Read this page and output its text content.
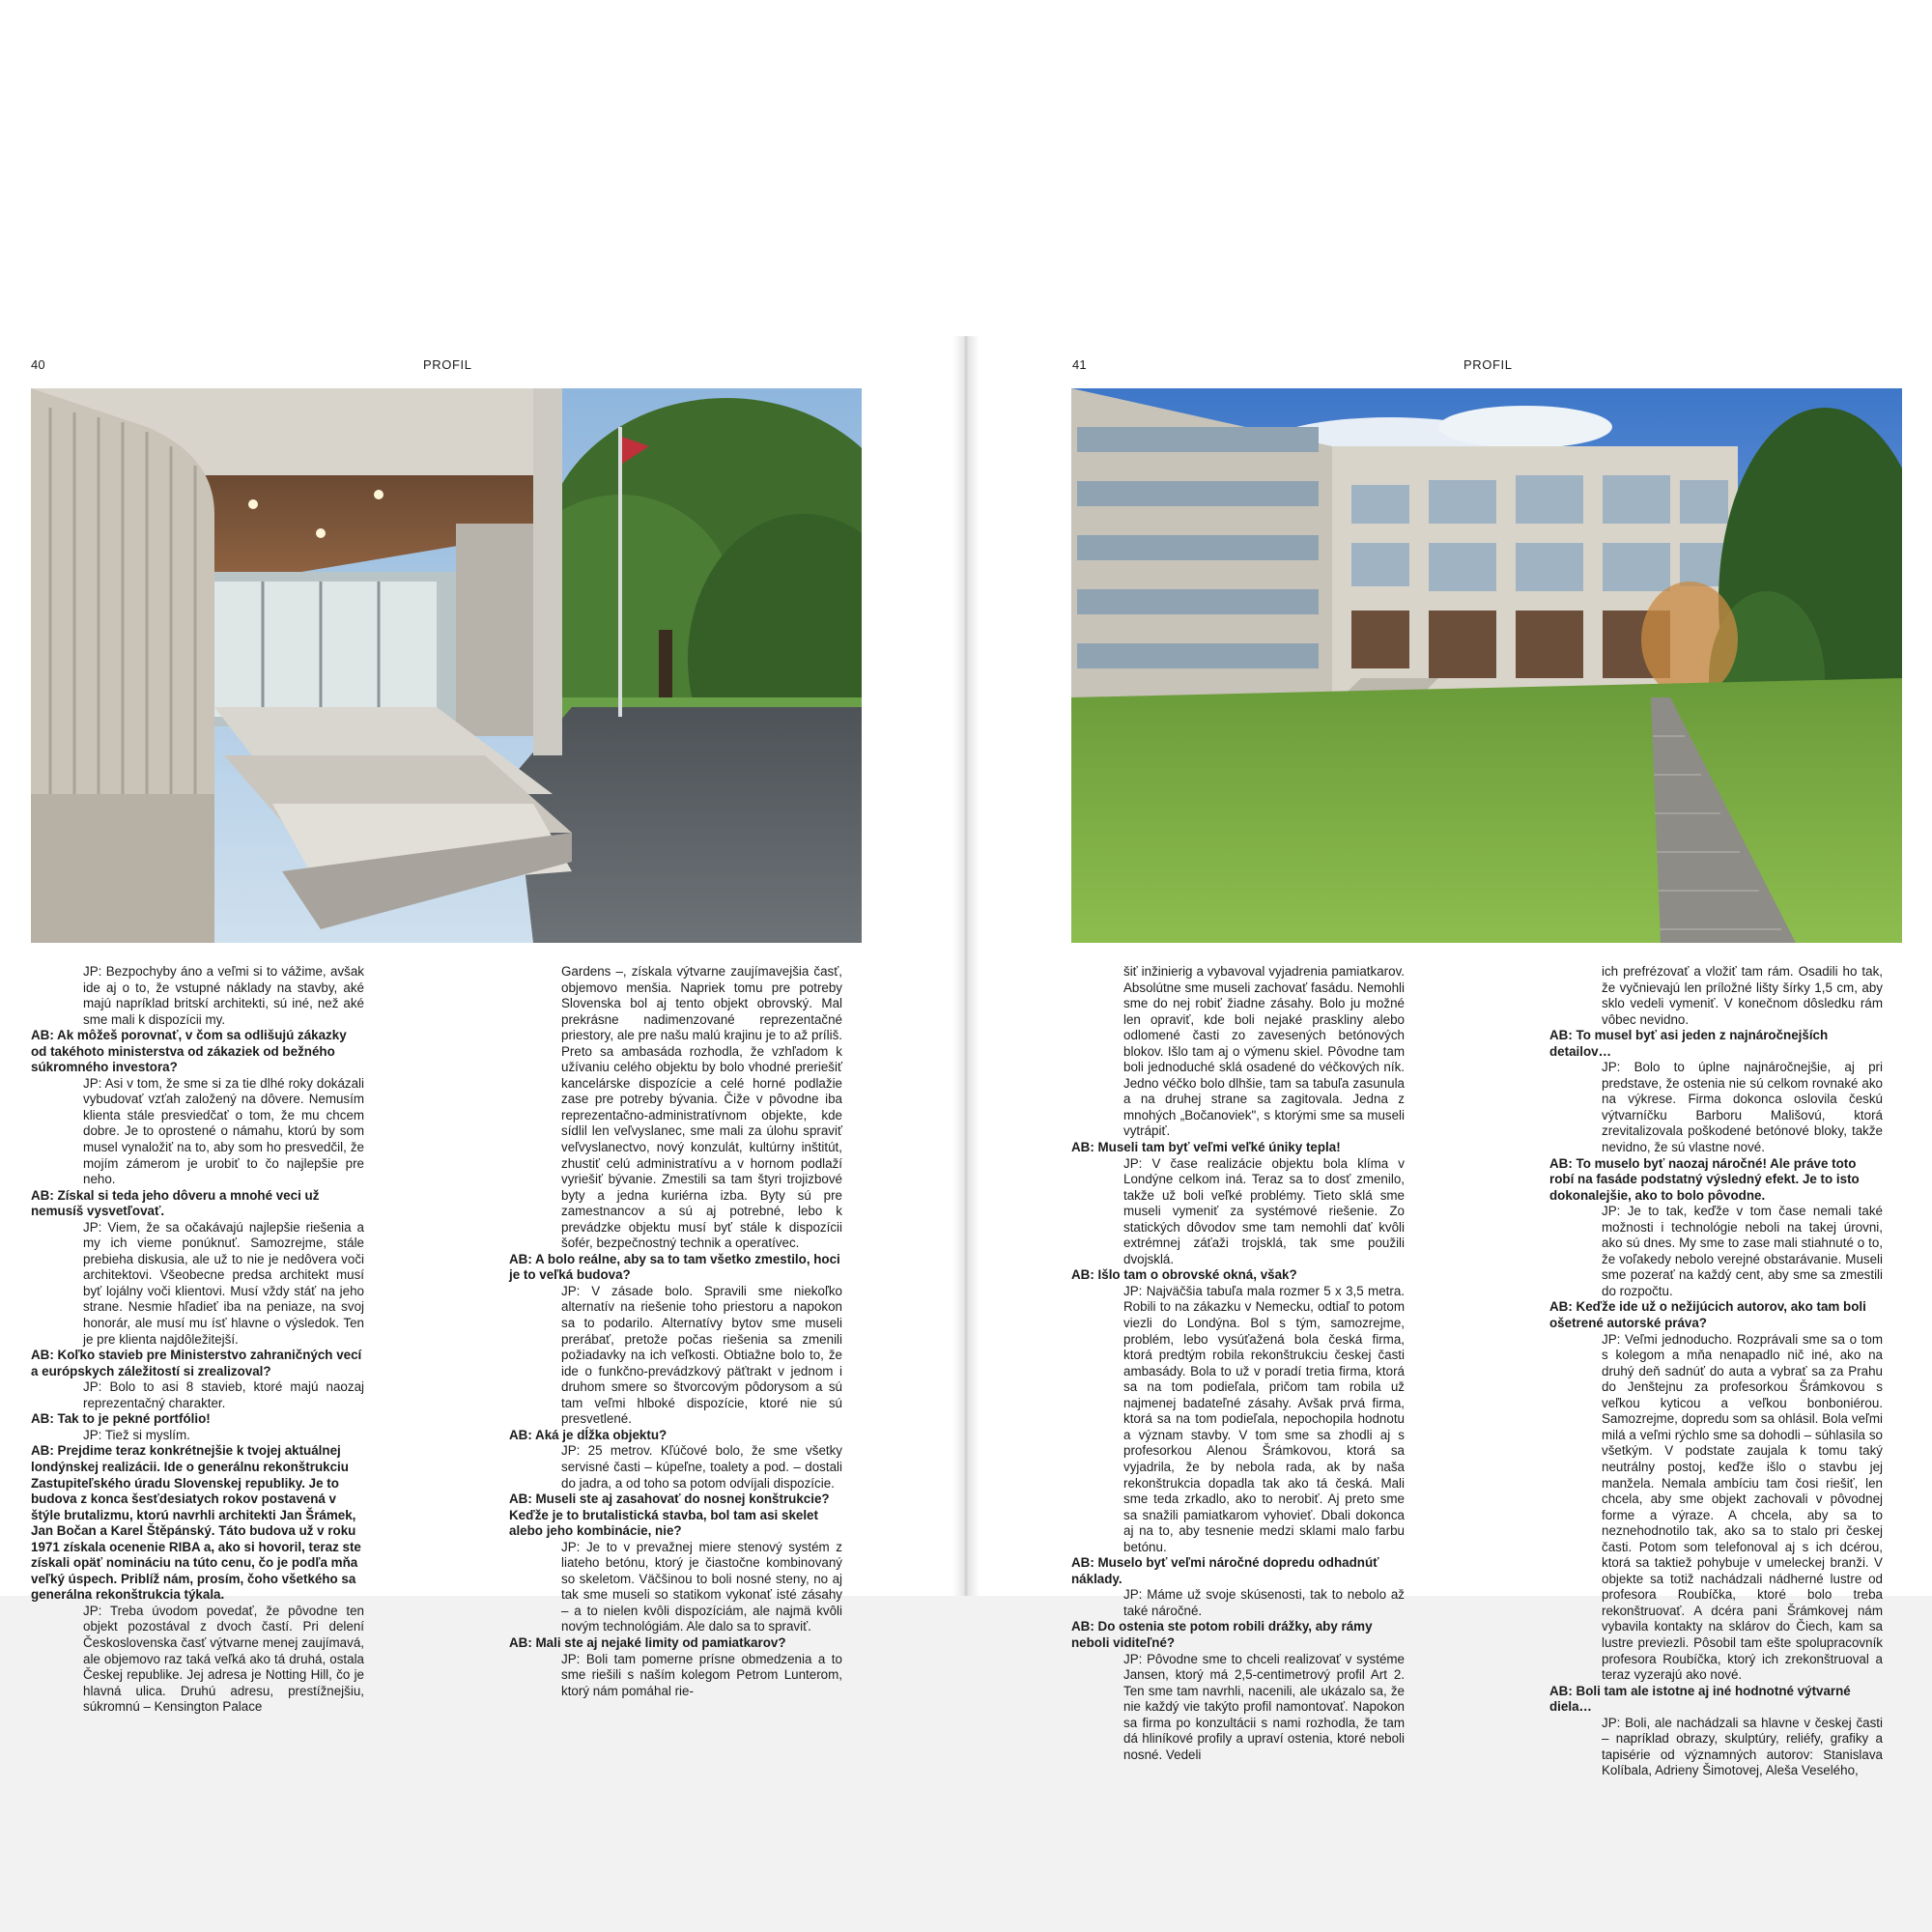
40	PROFIL

JP: Bezpochyby áno a veľmi si to vážime, avšak ide aj o to, že vstupné náklady na stavby, aké majú napríklad britskí architekti, sú iné, než aké sme mali k dispozícii my.

AB: Ak môžeš porovnať, v čom sa odlišujú zákazky od takéhoto ministerstva od zákaziek od bežného súkromného investora?

JP: Asi v tom, že sme si za tie dlhé roky dokázali vybudovať vzťah založený na dôvere. Nemusím klienta stále presviedčať o tom, že mu chcem dobre. Je to oprostené o námahu, ktorú by som musel vynaložiť na to, aby som ho presvedčil, že mojím zámerom je urobiť to čo najlepšie pre neho.

AB: Získal si teda jeho dôveru a mnohé veci už nemusíš vysvetľovať.

JP: Viem, že sa očakávajú najlepšie riešenia a my ich vieme ponúknuť. Samozrejme, stále prebieha diskusia, ale už to nie je nedôvera voči architektovi. Všeobecne predsa architekt musí byť lojálny voči klientovi. Musí vždy stáť na jeho strane. Nesmie hľadieť iba na peniaze, na svoj honorár, ale musí mu ísť hlavne o výsledok. Ten je pre klienta najdôležitejší.

AB: Koľko stavieb pre Ministerstvo zahraničných vecí a európskych záležitostí si zrealizoval?

JP: Bolo to asi 8 stavieb, ktoré majú naozaj reprezentačný charakter.

AB: Tak to je pekné portfólio!

JP: Tiež si myslím.

AB: Prejdime teraz konkrétnejšie k tvojej aktuálnej londýnskej realizácii. Ide o generálnu rekonštrukciu Zastupiteľského úradu Slovenskej republiky. Je to budova z konca šesťdesiatych rokov postavená v štýle brutalizmu, ktorú navrhli architekti Jan Šrámek, Jan Bočan a Karel Štěpánský. Táto budova už v roku 1971 získala ocenenie RIBA a, ako si hovoril, teraz ste získali opäť nomináciu na túto cenu, čo je podľa mňa veľký úspech. Priblíž nám, prosím, čoho všetkého sa generálna rekonštrukcia týkala.

JP: Treba úvodom povedať, že pôvodne ten objekt pozostával z dvoch častí. Pri delení Československa časť výtvarne menej zaujímavá, ale objemovo raz taká veľká ako tá druhá, ostala Českej republike. Jej adresa je Notting Hill, čo je hlavná ulica. Druhú adresu, prestížnejšiu, súkromnú – Kensington Palace

Gardens –, získala výtvarne zaujímavejšia časť, objemovo menšia. Napriek tomu pre potreby Slovenska bol aj tento objekt obrovský. Mal prekrásne nadimenzované reprezentačné priestory, ale pre našu malú krajinu je to až príliš. Preto sa ambasáda rozhodla, že vzhľadom k užívaniu celého objektu by bolo vhodné preriešiť kancelárske dispozície a celé horné podlažie zase pre potreby bývania. Čiže v pôvodne iba reprezentačno-administratívnom objekte, kde sídlil len veľvyslanec, sme mali za úlohu spraviť veľvyslanectvo, nový konzulát, kultúrny inštitút, zhustiť celú administratívu a v hornom podlaží vyriešiť bývanie. Zmestili sa tam štyri trojizbové byty a jedna kuriérna izba. Byty sú pre zamestnancov a sú aj potrebné, lebo k prevádzke objektu musí byť stále k dispozícii šofér, bezpečnostný technik a operatívec.

AB: A bolo reálne, aby sa to tam všetko zmestilo, hoci je to veľká budova?

JP: V zásade bolo. Spravili sme niekoľko alternatív na riešenie toho priestoru a napokon sa to podarilo. Alternatívy bytov sme museli prerábať, pretože počas riešenia sa zmenili požiadavky na ich veľkosti. Obtiažne bolo to, že ide o funkčno-prevádzkový päťtrakt v jednom i druhom smere so štvorcovým pôdorysom a sú tam veľmi hlboké dispozície, ktoré nie sú presvetlené.

AB: Aká je dĺžka objektu?

JP: 25 metrov. Kľúčové bolo, že sme všetky servisné časti – kúpeľne, toalety a pod. – dostali do jadra, a od toho sa potom odvíjali dispozície.

AB: Museli ste aj zasahovať do nosnej konštrukcie? Keďže je to brutalistická stavba, bol tam asi skelet alebo jeho kombinácie, nie?

JP: Je to v prevažnej miere stenový systém z liateho betónu, ktorý je čiastočne kombinovaný so skeletom. Väčšinou to boli nosné steny, no aj tak sme museli so statikom vykonať isté zásahy – a to nielen kvôli dispozíciám, ale najmä kvôli novým technológiám. Ale dalo sa to spraviť.

AB: Mali ste aj nejaké limity od pamiatkarov?

JP: Boli tam pomerne prísne obmedzenia a to sme riešili s naším kolegom Petrom Lunterom, ktorý nám pomáhal rie-

41	PROFIL

šiť inžinierig a vybavoval vyjadrenia pamiatkarov. Absolútne sme museli zachovať fasádu. Nemohli sme do nej robiť žiadne zásahy. Bolo ju možné len opraviť, kde boli nejaké praskliny alebo odlomené časti zo zavesených betónových blokov. Išlo tam aj o výmenu skiel. Pôvodne tam boli jednoduché sklá osadené do véčkových ník. Jedno véčko bolo dlhšie, tam sa tabuľa zasunula a na druhej strane sa zagitovala. Jedna z mnohých „Bočanoviek", s ktorými sme sa museli vytrápiť.

AB: Museli tam byť veľmi veľké úniky tepla!

JP: V čase realizácie objektu bola klíma v Londýne celkom iná. Teraz sa to dosť zmenilo, takže už boli veľké problémy. Tieto sklá sme museli vymeniť za systémové riešenie. Zo statických dôvodov sme tam nemohli dať kvôli extrémnej záťaži trojsklá, tak sme použili dvojsklá.

AB: Išlo tam o obrovské okná, však?

JP: Najväčšia tabuľa mala rozmer 5 x 3,5 metra. Robili to na zákazku v Nemecku, odtiaľ to potom viezli do Londýna. Bol s tým, samozrejme, problém, lebo vysúťažená bola česká firma, ktorá predtým robila rekonštrukciu českej časti ambasády. Bola to už v poradí tretia firma, ktorá sa na tom podieľala, pričom tam robila už najmenej badateľné zásahy. Avšak prvá firma, ktorá sa na tom podieľala, nepochopila hodnotu a význam stavby. V tom sme sa zhodli aj s profesorkou Alenou Šrámkovou, ktorá sa vyjadrila, že by nebola rada, ak by naša rekonštrukcia dopadla tak ako tá česká. Mali sme teda zrkadlo, ako to nerobiť. Aj preto sme sa snažili pamiatkarom vyhovieť. Dbali dokonca aj na to, aby tesnenie medzi sklami malo farbu betónu.

AB: Muselo byť veľmi náročné dopredu odhadnúť náklady.

JP: Máme už svoje skúsenosti, tak to nebolo až také náročné.

AB: Do ostenia ste potom robili drážky, aby rámy neboli viditeľné?

JP: Pôvodne sme to chceli realizovať v systéme Jansen, ktorý má 2,5-centimetrový profil Art 2. Ten sme tam navrhli, nacenili, ale ukázalo sa, že nie každý vie takýto profil namontovať. Napokon sa firma po konzultácii s nami rozhodla, že tam dá hliníkové profily a upraví ostenia, ktoré neboli nosné. Vedeli

ich prefrézovať a vložiť tam rám. Osadili ho tak, že vyčnievajú len príložné lišty šírky 1,5 cm, aby sklo vedeli vymeniť. V konečnom dôsledku rám vôbec nevidno.

AB: To musel byť asi jeden z najnáročnejších detailov…

JP: Bolo to úplne najnáročnejšie, aj pri predstave, že ostenia nie sú celkom rovnaké ako na výkrese. Firma dokonca oslovila českú výtvarníčku Barboru Mališovú, ktorá zrevitalizovala poškodené betónové bloky, takže nevidno, že sú vlastne nové.

AB: To muselo byť naozaj náročné! Ale práve toto robí na fasáde podstatný výsledný efekt. Je to isto dokonalejšie, ako to bolo pôvodne.

JP: Je to tak, keďže v tom čase nemali také možnosti i technológie neboli na takej úrovni, ako sú dnes. My sme to zase mali stiahnuté o to, že voľakedy nebolo verejné obstarávanie. Museli sme pozerať na každý cent, aby sme sa zmestili do rozpočtu.

AB: Keďže ide už o nežijúcich autorov, ako tam boli ošetrené autorské práva?

JP: Veľmi jednoducho. Rozprávali sme sa o tom s kolegom a mňa nenapadlo nič iné, ako na druhý deň sadnúť do auta a vybrať sa za Prahu do Jenštejnu za profesorkou Šrámkovou s veľkou kyticou a veľkou bonboniérou. Samozrejme, dopredu som sa ohlásil. Bola veľmi milá a veľmi rýchlo sme sa dohodli – súhlasila so všetkým. V podstate zaujala k tomu taký neutrálny postoj, keďže išlo o stavbu jej manžela. Nemala ambíciu tam čosi riešiť, len chcela, aby sme objekt zachovali v pôvodnej forme a výraze. A chcela, aby sa to neznehodnotilo tak, ako sa to stalo pri českej časti. Potom som telefonoval aj s ich dcérou, ktorá sa taktiež pohybuje v umeleckej branži. V objekte sa totiž nachádzali nádherné lustre od profesora Roubíčka, ktoré bolo treba rekonštruovať. A dcéra pani Šrámkovej nám vybavila kontakty na sklárov do Čiech, kam sa lustre previezli. Pôsobil tam ešte spolupracovník profesora Roubíčka, ktorý ich zrekonštruoval a teraz vyzerajú ako nové.

AB: Boli tam ale istotne aj iné hodnotné výtvarné diela…

JP: Boli, ale nachádzali sa hlavne v českej časti – napríklad obrazy, skulptúry, reliéfy, grafiky a tapisérie od významných autorov: Stanislava Kolíbala, Adrieny Šimotovej, Aleša Veselého,
